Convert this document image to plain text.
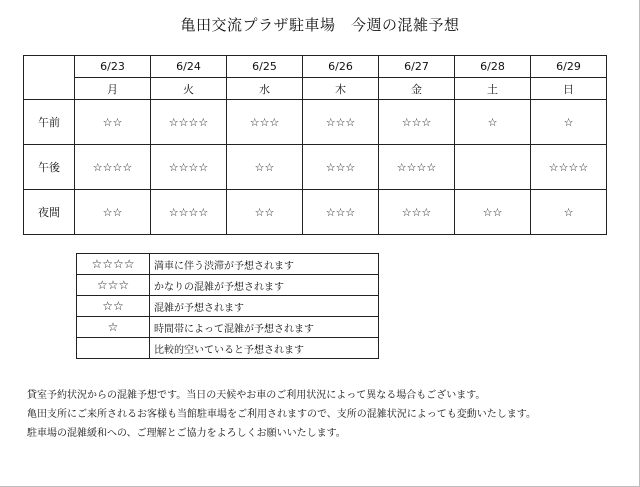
亀田交流プラザ駐車場　今週の混雑予想
	6/23	6/24	6/25	6/26	6/27	6/28	6/29
	月	火	水	木	金	土	日
午前	☆☆	☆☆☆☆	☆☆☆	☆☆☆	☆☆☆	☆	☆
午後	☆☆☆☆	☆☆☆☆	☆☆	☆☆☆	☆☆☆☆		☆☆☆☆
夜間	☆☆	☆☆☆☆	☆☆	☆☆☆	☆☆☆	☆☆	☆
☆☆☆☆	満車に伴う渋滞が予想されます
☆☆☆	かなりの混雑が予想されます
☆☆	混雑が予想されます
☆	時間帯によって混雑が予想されます
	比較的空いていると予想されます
貸室予約状況からの混雑予想です。当日の天候やお車のご利用状況によって異なる場合もございます。
亀田支所にご来所されるお客様も当館駐車場をご利用されますので、支所の混雑状況によっても変動いたします。
駐車場の混雑緩和への、ご理解とご協力をよろしくお願いいたします。
